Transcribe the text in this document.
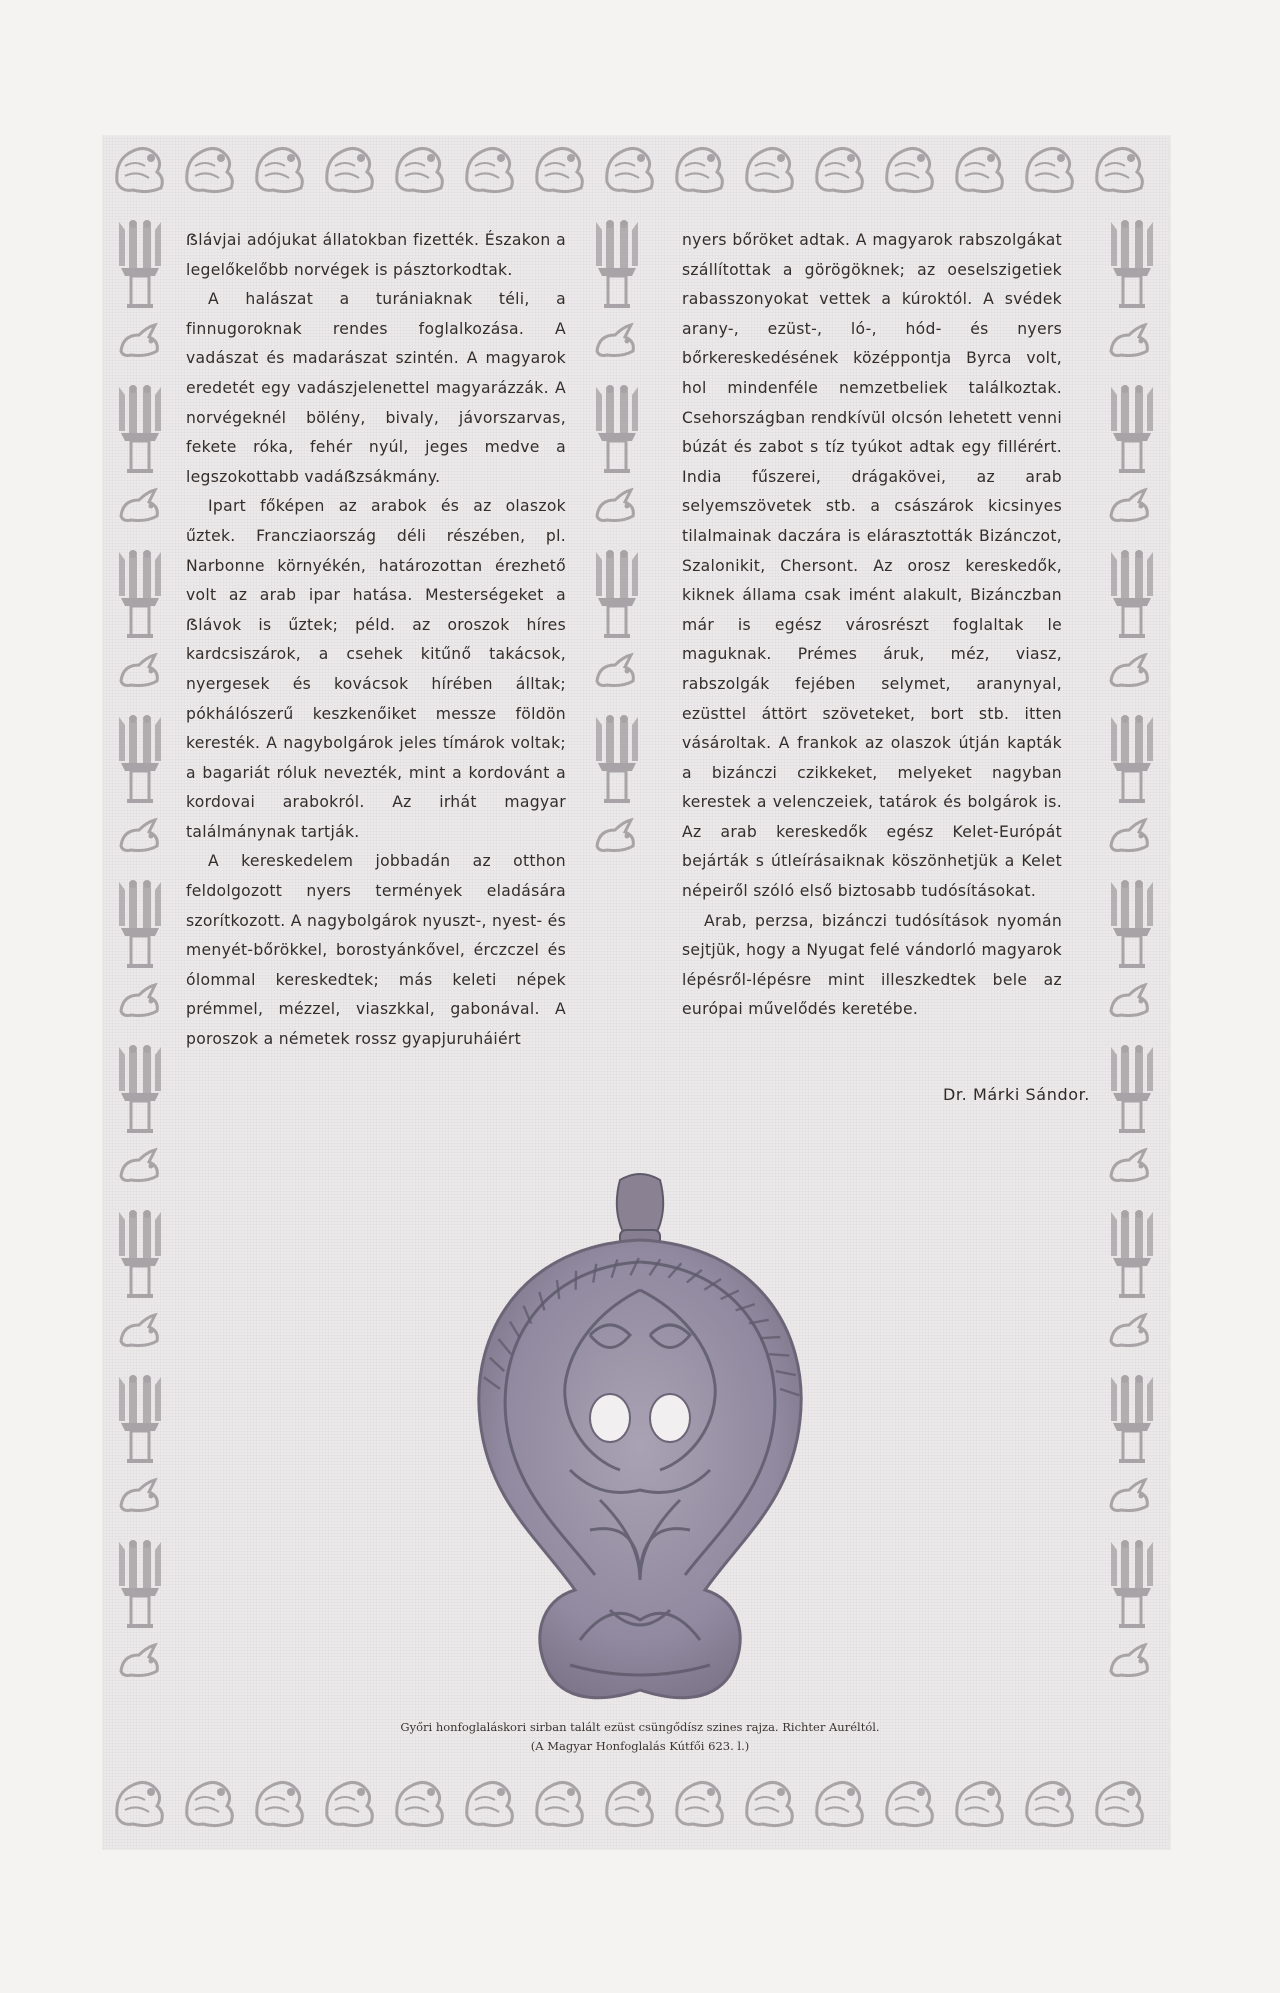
ẞlávjai adójukat állatokban fizették. Északon a legelőkelőbb norvégek is pásztorkodtak.

A halászat a turániaknak téli, a finnugoroknak rendes foglalkozása. A vadászat és madarászat szintén. A magyarok eredetét egy vadászjelenettel magyarázzák. A norvégeknél bölény, bivaly, jávorszarvas, fekete róka, fehér nyúl, jeges medve a legszokottabb vadáẞzsákmány.

Ipart főképen az arabok és az olaszok űztek. Francziaország déli részében, pl. Narbonne környékén, határozottan érezhető volt az arab ipar hatása. Mesterségeket a ẞlávok is űztek; péld. az oroszok híres kardcsiszárok, a csehek kitűnő takácsok, nyergesek és kovácsok hírében álltak; pókhálószerű keszkenőiket messze földön keresték. A nagybolgárok jeles tímárok voltak; a bagariát róluk nevezték, mint a kordovánt a kordovai arabokról. Az irhát magyar találmánynak tartják.

A kereskedelem jobbadán az otthon feldolgozott nyers termények eladására szorítkozott. A nagybolgárok nyuszt-, nyest- és menyét-bőrökkel, borostyánkővel, érczczel és ólommal kereskedtek; más keleti népek prémmel, mézzel, viaszkkal, gabonával. A poroszok a németek rossz gyapjuruháiért

nyers bőröket adtak. A magyarok rabszolgákat szállítottak a görögöknek; az oeselszigetiek rabasszonyokat vettek a kúroktól. A svédek arany-, ezüst-, ló-, hód- és nyers bőrkereskedésének középpontja Byrca volt, hol mindenféle nemzetbeliek találkoztak. Csehországban rendkívül olcsón lehetett venni búzát és zabot s tíz tyúkot adtak egy fillérért. India fűszerei, drágakövei, az arab selyemszövetek stb. a császárok kicsinyes tilalmainak daczára is elárasztották Bizánczot, Szalonikit, Chersont. Az orosz kereskedők, kiknek állama csak imént alakult, Bizánczban már is egész városrészt foglaltak le maguknak. Prémes áruk, méz, viasz, rabszolgák fejében selymet, aranynyal, ezüsttel áttört szöveteket, bort stb. itten vásároltak. A frankok az olaszok útján kapták a bizánczi czikkeket, melyeket nagyban kerestek a velenczeiek, tatárok és bolgárok is. Az arab kereskedők egész Kelet-Európát bejárták s útleírásaiknak köszönhetjük a Kelet népeiről szóló első biztosabb tudósításokat.

Arab, perzsa, bizánczi tudósítások nyomán sejtjük, hogy a Nyugat felé vándorló magyarok lépésről-lépésre mint illeszkedtek bele az európai művelődés keretébe.

Dr. Márki Sándor.
Győri honfoglaláskori sirban talált ezüst csüngődísz szines rajza. Richter Auréltól.
(A Magyar Honfoglalás Kútfői 623. l.)
